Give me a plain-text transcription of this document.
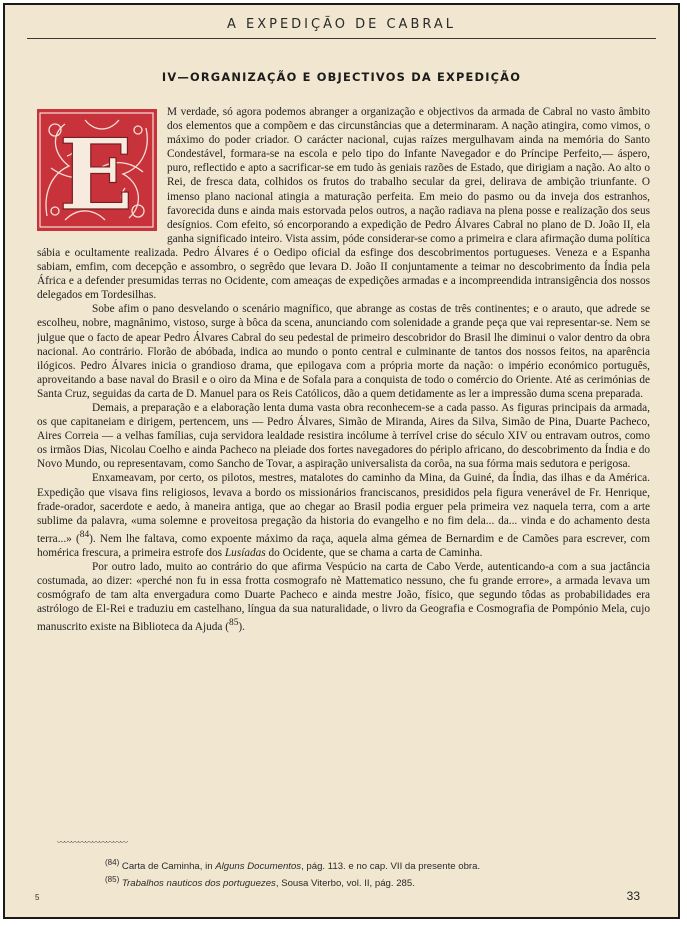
A EXPEDIÇÃO DE CABRAL
IV—ORGANIZAÇÃO E OBJECTIVOS DA EXPEDIÇÃO

E
M verdade, só agora podemos abranger a organização e objectivos da armada de Cabral no vasto âmbito dos elementos que a compõem e das circunstâncias que a determinaram. A nação atingira, como vimos, o máximo do poder criador. O carácter nacional, cujas raízes mergulhavam ainda na memória do Santo Condestável, formara-se na escola e pelo tipo do Infante Navegador e do Príncipe Perfeito,— áspero, puro, reflectido e apto a sacrificar-se em tudo às geniais razões de Estado, que dirigiam a nação. Ao alto o Rei, de fresca data, colhidos os frutos do trabalho secular da grei, delirava de ambição triunfante. O imenso plano nacional atingia a maturação perfeita. Em meio do pasmo ou da inveja dos estranhos, favorecida duns e ainda mais estorvada pelos outros, a nação radiava na plena posse e realização dos seus desígnios. Com efeito, só encorporando a expedição de Pedro Álvares Cabral no plano de D. João II, ela ganha significado inteiro. Vista assim, póde considerar-se como a primeira e clara afirmação duma política sábia e ocultamente realizada. Pedro Álvares é o Oedipo oficial da esfinge dos descobrimentos portugueses. Veneza e a Espanha sabiam, emfim, com decepção e assombro, o segrêdo que levara D. João II conjuntamente a teimar no descobrimento da Índia pela África e a defender presumidas terras no Ocidente, com ameaças de expedições armadas e a incompreendida intransigência dos nossos delegados em Tordesilhas.

Sobe afim o pano desvelando o scenário magnífico, que abrange as costas de três continentes; e o arauto, que adrede se escolheu, nobre, magnânimo, vistoso, surge à bôca da scena, anunciando com solenidade a grande peça que vai representar-se. Nem se julgue que o facto de apear Pedro Álvares Cabral do seu pedestal de primeiro descobridor do Brasil lhe diminui o valor dentro da obra nacional. Ao contrário. Florão de abóbada, indica ao mundo o ponto central e culminante de tantos dos nossos feitos, na aparência ilógicos. Pedro Álvares inicia o grandioso drama, que epilogava com a própria morte da nação: o império económico português, aproveitando a base naval do Brasil e o oiro da Mina e de Sofala para a conquista de todo o comércio do Oriente. Até as cerimónias de Santa Cruz, seguidas da carta de D. Manuel para os Reis Católicos, dão a quem detidamente as ler a impressão duma scena preparada.

Demais, a preparação e a elaboração lenta duma vasta obra reconhecem-se a cada passo. As figuras principais da armada, os que capitaneiam e dirigem, pertencem, uns — Pedro Álvares, Simão de Miranda, Aires da Silva, Simão de Pina, Duarte Pacheco, Aires Correia — a velhas famílias, cuja servidora lealdade resistira incólume à terrível crise do século XIV ou entravam outros, como os irmãos Dias, Nicolau Coelho e ainda Pacheco na pleiade dos fortes navegadores do périplo africano, do descobrimento da Índia e do Novo Mundo, ou representavam, como Sancho de Tovar, a aspiração universalista da corôa, na sua fórma mais sedutora e perigosa.

Enxameavam, por certo, os pilotos, mestres, matalotes do caminho da Mina, da Guiné, da Índia, das ilhas e da América. Expedição que visava fins religiosos, levava a bordo os missionários franciscanos, presididos pela figura venerável de Fr. Henrique, frade-orador, sacerdote e aedo, à maneira antiga, que ao chegar ao Brasil podia erguer pela primeira vez naquela terra, com a arte sublime da palavra, «uma solemne e proveitosa pregação da historia do evangelho e no fim dela... da... vinda e do achamento desta terra...» ($^{84}$). Nem lhe faltava, como expoente máximo da raça, aquela alma gémea de Bernardim e de Camões para escrever, com homérica frescura, a primeira estrofe dos Lusíadas do Ocidente, que se chama a carta de Caminha.

Por outro lado, muito ao contrário do que afirma Vespúcio na carta de Cabo Verde, autenticando-a com a sua jactância costumada, ao dizer: «perché non fu in essa frotta cosmografo nè Mattematico nessuno, che fu grande errore», a armada levava um cosmógrafo de tam alta envergadura como Duarte Pacheco e ainda mestre João, físico, que segundo tôdas as probabilidades era astrólogo de El-Rei e traduziu em castelhano, língua da sua naturalidade, o livro da Geografia e Cosmografia de Pompónio Mela, cujo manuscrito existe na Biblioteca da Ajuda ($^{85}$).

〰〰〰〰〰〰〰〰〰〰
$^{(84)}$ Carta de Caminha, in Alguns Documentos, pág. 113. e no cap. VII da presente obra.
$^{(85)}$ Trabalhos nauticos dos portuguezes, Sousa Viterbo, vol. II, pág. 285.
5	33
